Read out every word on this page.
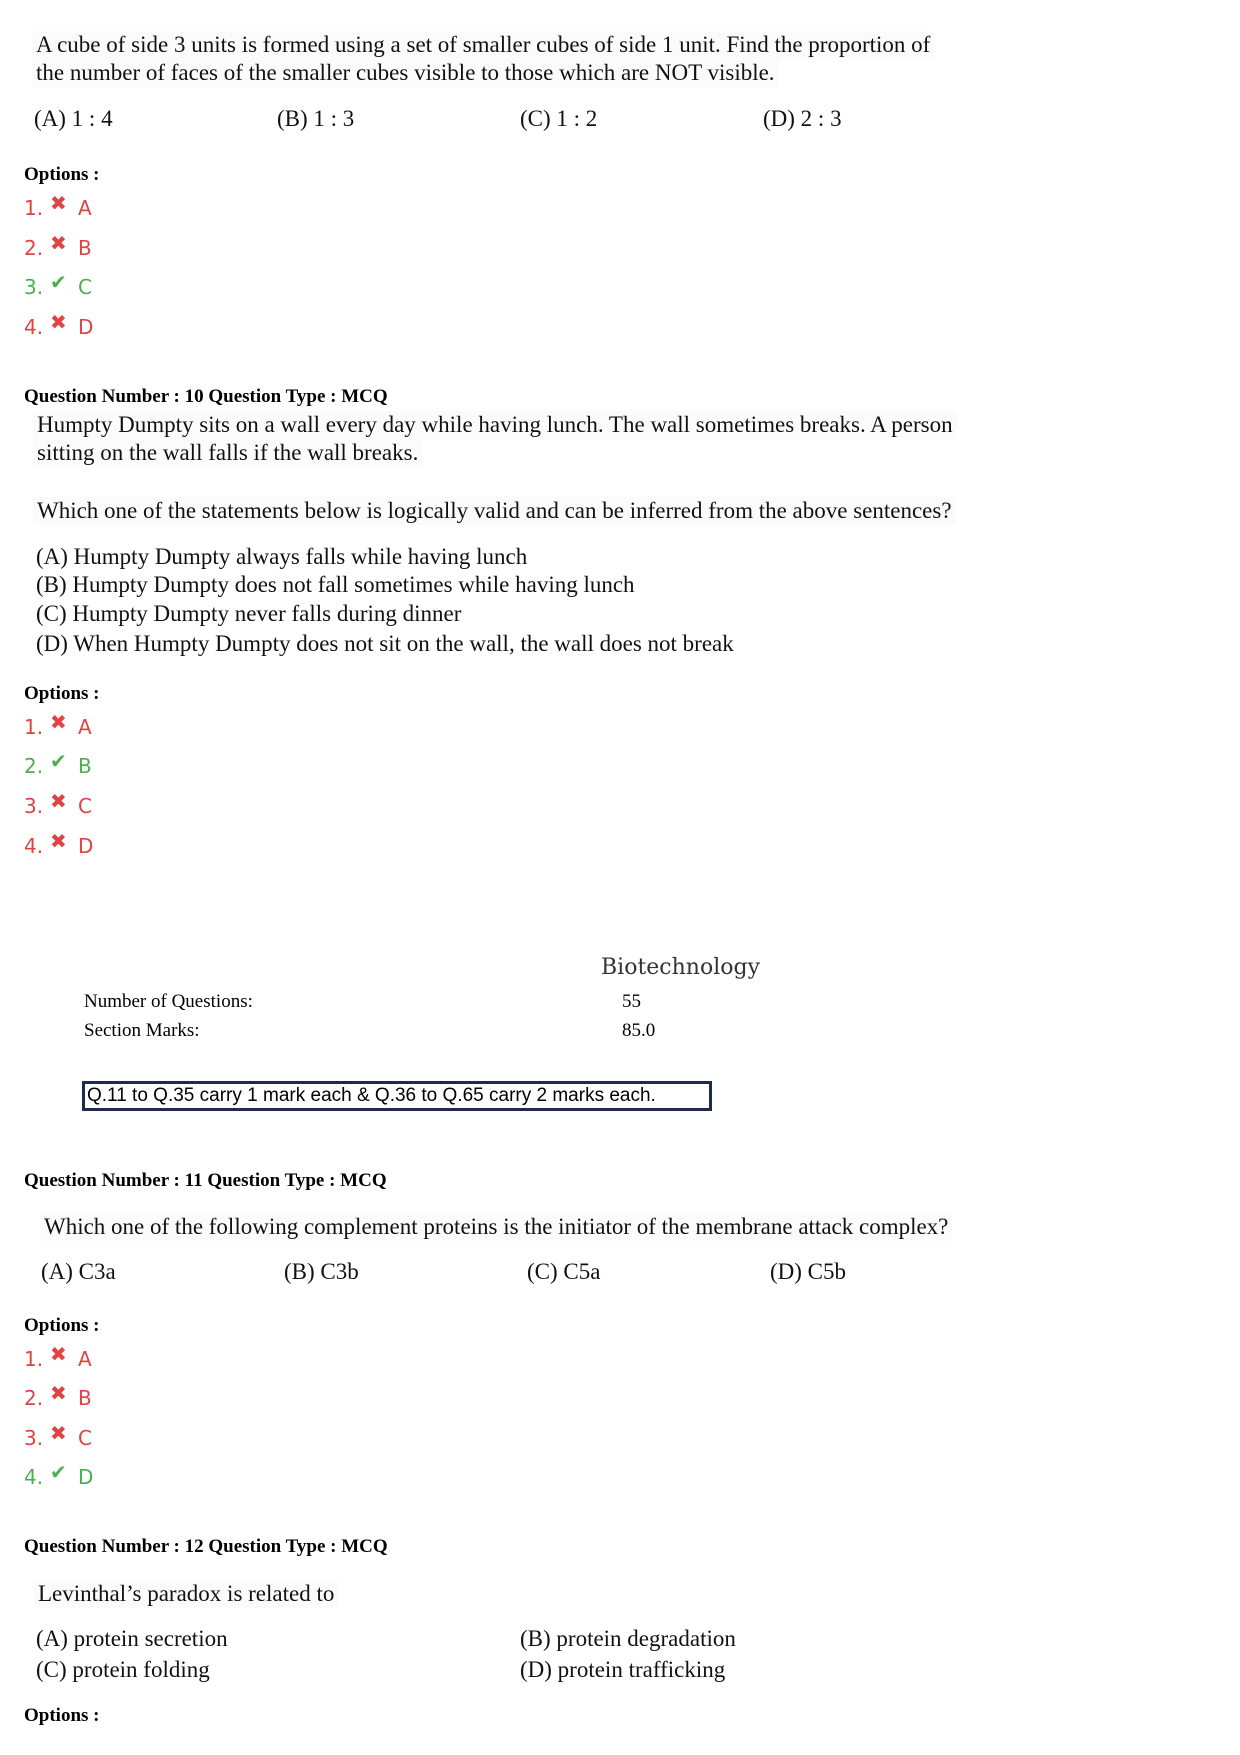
A cube of side 3 units is formed using a set of smaller cubes of side 1 unit. Find the proportion of
the number of faces of the smaller cubes visible to those which are NOT visible.
(A) 1 : 4	(B) 1 : 3	(C) 1 : 2	(D) 2 : 3
Options :
1. ✖ A
2. ✖ B
3. ✔ C
4. ✖ D
Question Number : 10 Question Type : MCQ
Humpty Dumpty sits on a wall every day while having lunch. The wall sometimes breaks. A person
sitting on the wall falls if the wall breaks.
Which one of the statements below is logically valid and can be inferred from the above sentences?
(A) Humpty Dumpty always falls while having lunch
(B) Humpty Dumpty does not fall sometimes while having lunch
(C) Humpty Dumpty never falls during dinner
(D) When Humpty Dumpty does not sit on the wall, the wall does not break
Options :
1. ✖ A
2. ✔ B
3. ✖ C
4. ✖ D
Biotechnology
Number of Questions:	55
Section Marks:	85.0
Q.11 to Q.35 carry 1 mark each & Q.36 to Q.65 carry 2 marks each.
Question Number : 11 Question Type : MCQ
Which one of the following complement proteins is the initiator of the membrane attack complex?
(A) C3a	(B) C3b	(C) C5a	(D) C5b
Options :
1. ✖ A
2. ✖ B
3. ✖ C
4. ✔ D
Question Number : 12 Question Type : MCQ
Levinthal’s paradox is related to
(A) protein secretion	(B) protein degradation
(C) protein folding	(D) protein trafficking
Options :
